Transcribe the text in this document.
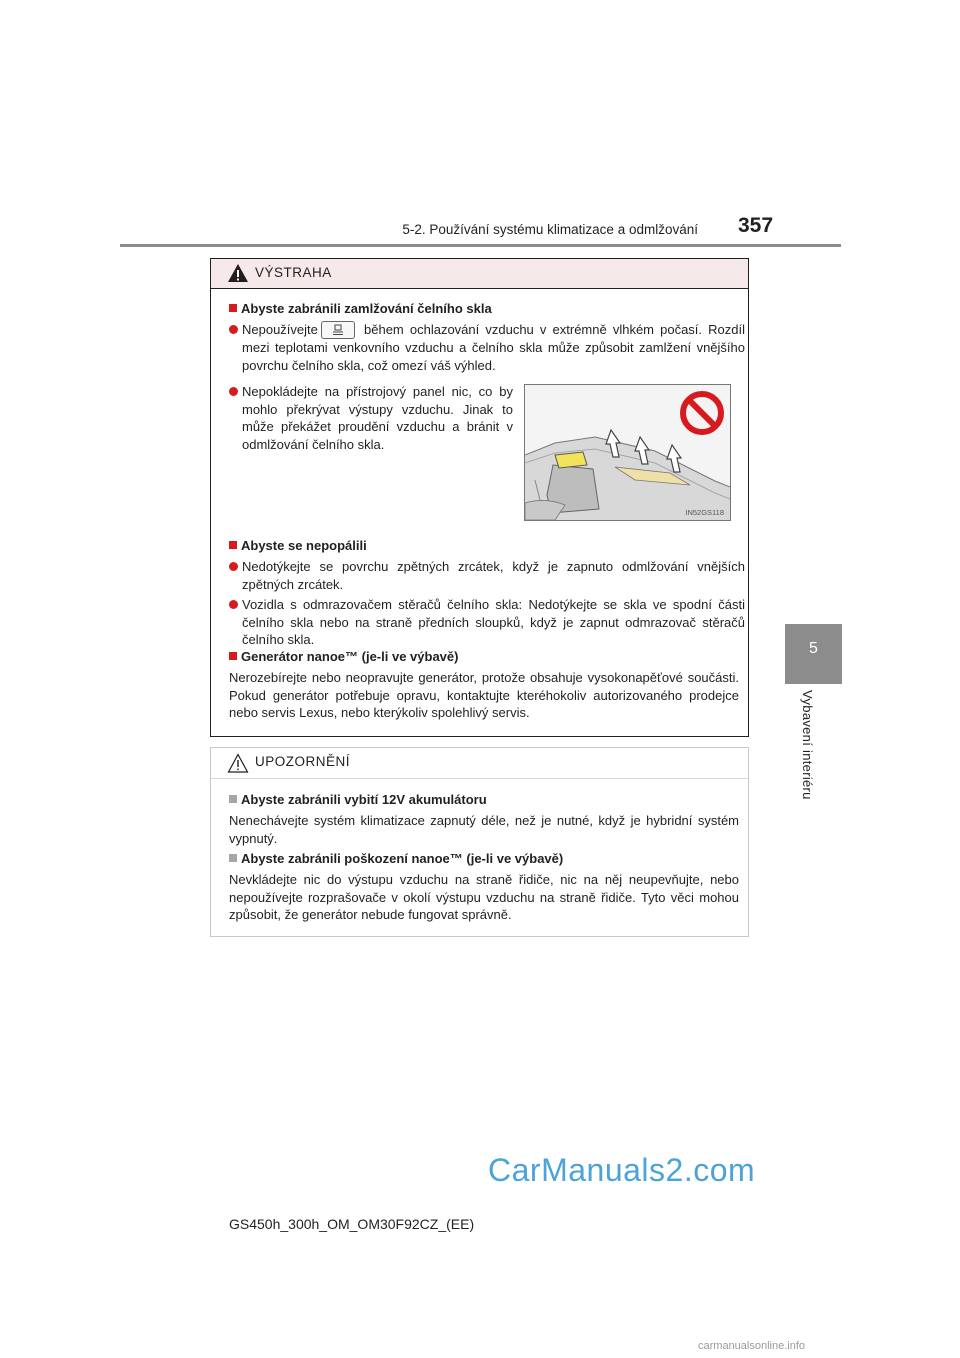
5-2. Používání systému klimatizace a odmlžování 357
5
Vybavení interiéru
VÝSTRAHA
Abyste zabránili zamlžování čelního skla
Nepoužívejte	během ochlazování vzduchu v extrémně vlhkém počasí. Rozdíl mezi teplotami venkovního vzduchu a čelního skla může způsobit zamlžení vnějšího povrchu čelního skla, což omezí váš výhled.
Nepokládejte na přístrojový panel nic, co by mohlo překrývat výstupy vzduchu. Jinak to může překážet proudění vzduchu a bránit v odmlžování čelního skla.
IN52GS118
Abyste se nepopálili
Nedotýkejte se povrchu zpětných zrcátek, když je zapnuto odmlžování vnějších zpětných zrcátek.
Vozidla s odmrazovačem stěračů čelního skla: Nedotýkejte se skla ve spodní části čelního skla nebo na straně předních sloupků, když je zapnut odmrazovač stěračů čelního skla.
Generátor nanoe™ (je-li ve výbavě)
Nerozebírejte nebo neopravujte generátor, protože obsahuje vysokonapěťové součásti. Pokud generátor potřebuje opravu, kontaktujte kteréhokoliv autorizovaného prodejce nebo servis Lexus, nebo kterýkoliv spolehlivý servis.
UPOZORNĚNÍ
Abyste zabránili vybití 12V akumulátoru
Nenechávejte systém klimatizace zapnutý déle, než je nutné, když je hybridní systém vypnutý.
Abyste zabránili poškození nanoe™ (je-li ve výbavě)
Nevkládejte nic do výstupu vzduchu na straně řidiče, nic na něj neupevňujte, nebo nepoužívejte rozprašovače v okolí výstupu vzduchu na straně řidiče. Tyto věci mohou způsobit, že generátor nebude fungovat správně.
CarManuals2.com
GS450h_300h_OM_OM30F92CZ_(EE)
carmanualsonline.info
